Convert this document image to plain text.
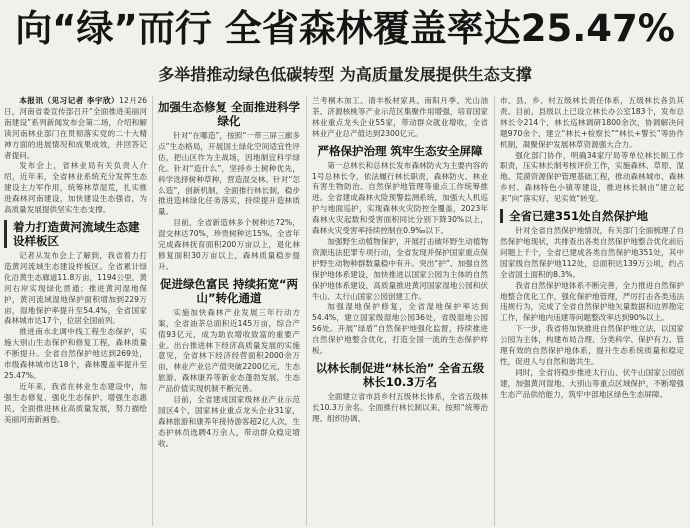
向“绿”而行 全省森林覆盖率达25.47%
多举措推动绿色低碳转型 为高质量发展提供生态支撑

本报讯（见习记者 李宇欣）12月26日，河南省委宣传部召开“全面推进美丽河南建设”系列新闻发布会第二场，介绍和解读河南林业部门在贯彻落实党的二十大精神方面的进展情况和成果成效，并回答记者提问。

发布会上，省林业局有关负责人介绍，近年来，全省林业系统充分发挥生态建设主力军作用，统筹林草湿荒，扎实推进森林河南建设，加快建设生态强省，为高质量发展提供坚实生态支撑。

着力打造黄河流域生态建设样板区

记者从发布会上了解到，我省着力打造黄河流域生态建设样板区。全省累计绿化沿黄生态廊道11.8万亩，1194公里，黄河右岸实现绿化贯通；推进黄河湿地保护，黄河流域湿地保护面积增加到229万亩，湿地保护率提升至54.4%，全省国家森林城市达17个，位居全国前列。

推进南水北调中线工程生态保护，实施大别山生态保护和修复工程，森林质量不断提升。全省自然保护地达到269处，市级森林城市达18个，森林覆盖率提升至25.47%。

近年来，我省在林业生态建设中，加强生态修复、强化生态保护、增强生态惠民，全面推进林业高质量发展，努力描绘美丽河南新画卷。

加强生态修复 全面推进科学绿化

针对“在哪造”，按照“一带三屏三廊多点”生态格局，开展国土绿化空间适宜性评估，把山区作为主战场，因地制宜科学绿化。针对“造什么”，坚持乡土树种优先，科学选择树种草种，营造混交林。针对“怎么造”，创新机制，全面推行林长制，稳步推进造林绿化任务落实，持续提升造林质量。

目前，全省新造林多个树种达72%，混交林达70%，珍贵树种达15%。全省年完成森林抚育面积200万亩以上，退化林修复面积30万亩以上，森林质量稳步提升。

促进绿色富民 持续拓宽“两山”转化通道

实施加快森林产业发展三年行动方案，全省油茶总面积近145万亩，综合产值93亿元，成为助农增收致富的重要产业。出台推进林下经济高质量发展的实施意见，全省林下经济经营面积2000余万亩，林业产业总产值突破2200亿元，生态旅游、森林康养等新业态蓬勃发展，生态产品价值实现机制不断完善。

目前，全省建成国家级林业产业示范园区4个，国家林业重点龙头企业31家，森林旅游和康养年接待游客超2亿人次，生态护林员选聘4万余人，带动群众稳定增收。

兰考桐木加工、清丰板材家具、南阳月季、光山油茶、济源核桃等产业示范区集聚作用增强，培育国家林业重点龙头企业55家，带动群众就业增收，全省林业产业总产值达到2300亿元。

严格保护治理 筑牢生态安全屏障

第一总林长和总林长发布森林防火为主要内容的1号总林长令，依法履行林长职责，森林防火、林业有害生物防治、自然保护地管理等重点工作统筹推进。全省建成森林火险预警监测系统，加强大人机巡护与地面巡护，实现森林火灾防控全覆盖，2023年森林火灾起数和受害面积同比分别下降30%以上，森林火灾受害率持续控制在0.9‰以下。

加强野生动植物保护，开展打击破坏野生动植物资源违法犯罪专项行动，全省发现并保护国家重点保护野生动物种群数量稳中有升。突出“护”、加强自然保护地体系建设，加快推进以国家公园为主体的自然保护地体系建设，高质量推进黄河国家湿地公园和伏牛山、太行山国家公园创建工作。

加强湿地保护修复，全省湿地保护率达到54.4%，建立国家级湿地公园36处，省级湿地公园56处。开展“绿盾”自然保护地强化监督，持续推进自然保护地整合优化，打造全国一流的生态保护样板。

以林长制促进“林长治” 全省五级林长10.3万名

全面建立省市县乡村五级林长体系，全省五级林长10.3万余名。全面推行林长制以来，按照“统筹治理、组织协调、

市、县、乡、村五级林长责任体系，五级林长各负其责。目前，县级以上已设立林长办公室183个，发布总林长令214个，林长巡林调研1800余次，协调解决问题970余个，建立“林长+检察长”“林长+警长”等协作机制，凝聚保护发展林草资源强大合力。

强化部门协作，明确34家厅局等单位林长制工作职责，压实林长制考核评价工作，实施森林、草原、湿地、荒漠资源保护管理基础工程，推动森林城市、森林乡村、森林特色小镇等建设，推进林长制由“建立起来”向“落实好、见实效”转变。

全省已建351处自然保护地

针对全省自然保护地情况，有关部门全面梳理了自然保护地现状，共排查出各类自然保护地整合优化前后问题上千个，全省已建成各类自然保护地351处，其中国家级自然保护地112处，总面积达139万公顷，约占全省国土面积的8.3%。

我省自然保护地体系不断完善，全力推进自然保护地整合优化工作，强化保护地管理，严厉打击各类违法违规行为，完成了全省自然保护地矢量数据和边界勘定工作，保护地内违建等问题整改率达到90%以上。

下一步，我省将加快推进自然保护地立法，以国家公园为主体，构建布局合理、分类科学、保护有力、管理有效的自然保护地体系，提升生态系统质量和稳定性，促进人与自然和谐共生。

同时，全省将稳步推进太行山、伏牛山国家公园创建，加强黄河湿地、大别山等重点区域保护，不断增强生态产品供给能力，筑牢中部地区绿色生态屏障。
